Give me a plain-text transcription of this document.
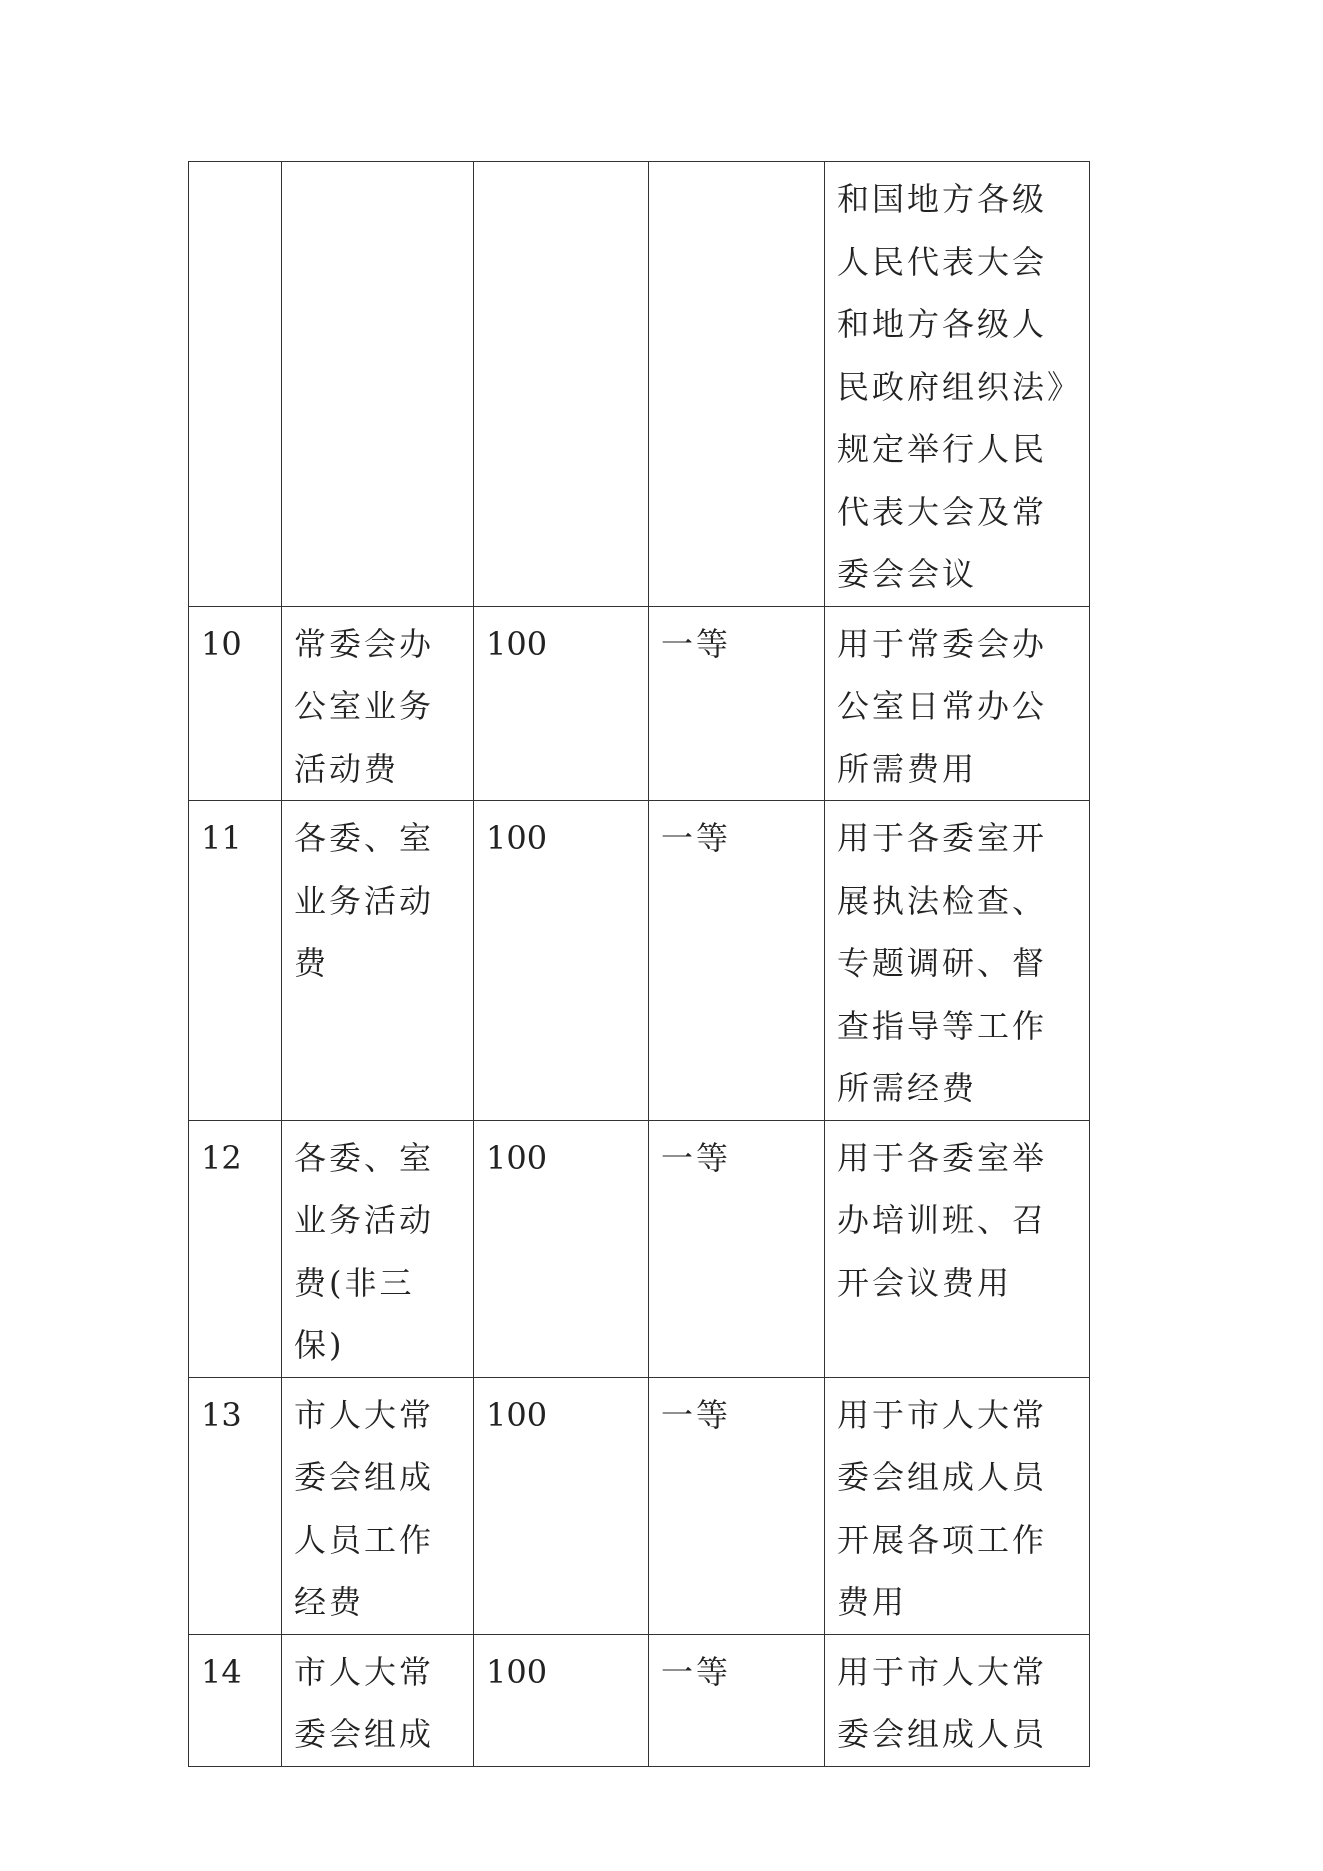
				和国地方各级人民代表大会和地方各级人民政府组织法》规定举行人民代表大会及常委会会议

10	常委会办公室业务活动费	100	一等	用于常委会办公室日常办公所需费用

11	各委、室业务活动费	100	一等	用于各委室开展执法检查、专题调研、督查指导等工作所需经费

12	各委、室业务活动费(非三保)	100	一等	用于各委室举办培训班、召开会议费用

13	市人大常委会组成人员工作经费	100	一等	用于市人大常委会组成人员开展各项工作费用

14	市人大常委会组成	100	一等	用于市人大常委会组成人员
